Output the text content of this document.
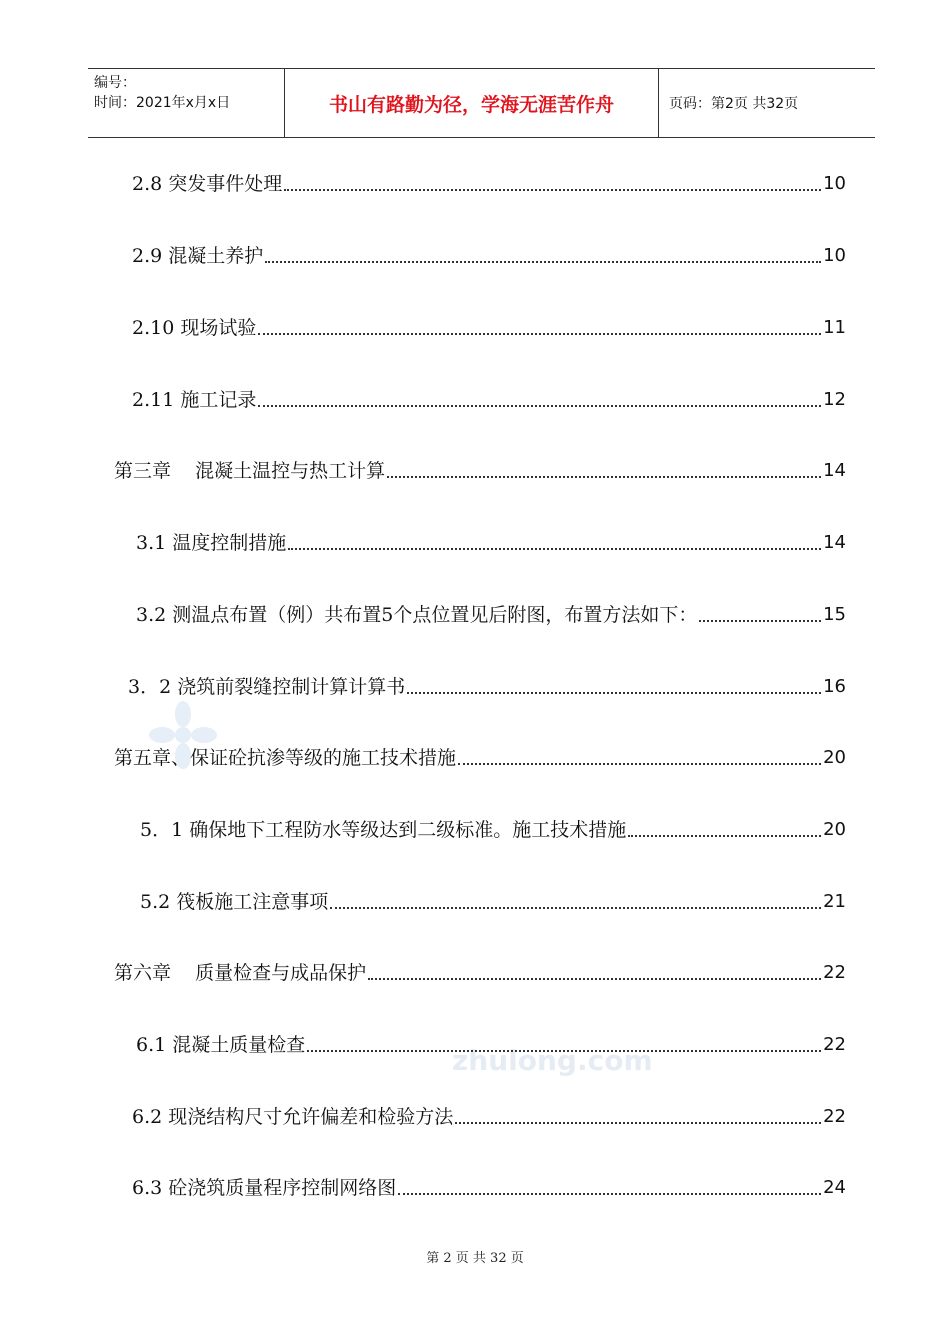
编号：
时间：2021年x月x日	书山有路勤为径，学海无涯苦作舟	页码：第2页 共32页
zhulong.com
2.8 突发事件处理	10
2.9 混凝土养护	10
2.10 现场试验	11
2.11 施工记录	12
第三章    混凝土温控与热工计算	14
3.1 温度控制措施	14
3.2 测温点布置（例）共布置5个点位置见后附图，布置方法如下：	15
3．2 浇筑前裂缝控制计算计算书	16
第五章、保证砼抗渗等级的施工技术措施	20
5．1 确保地下工程防水等级达到二级标准。施工技术措施	20
5.2 筏板施工注意事项	21
第六章    质量检查与成品保护	22
6.1 混凝土质量检查	22
6.2 现浇结构尺寸允许偏差和检验方法	22
6.3 砼浇筑质量程序控制网络图	24
第 2 页 共 32 页
